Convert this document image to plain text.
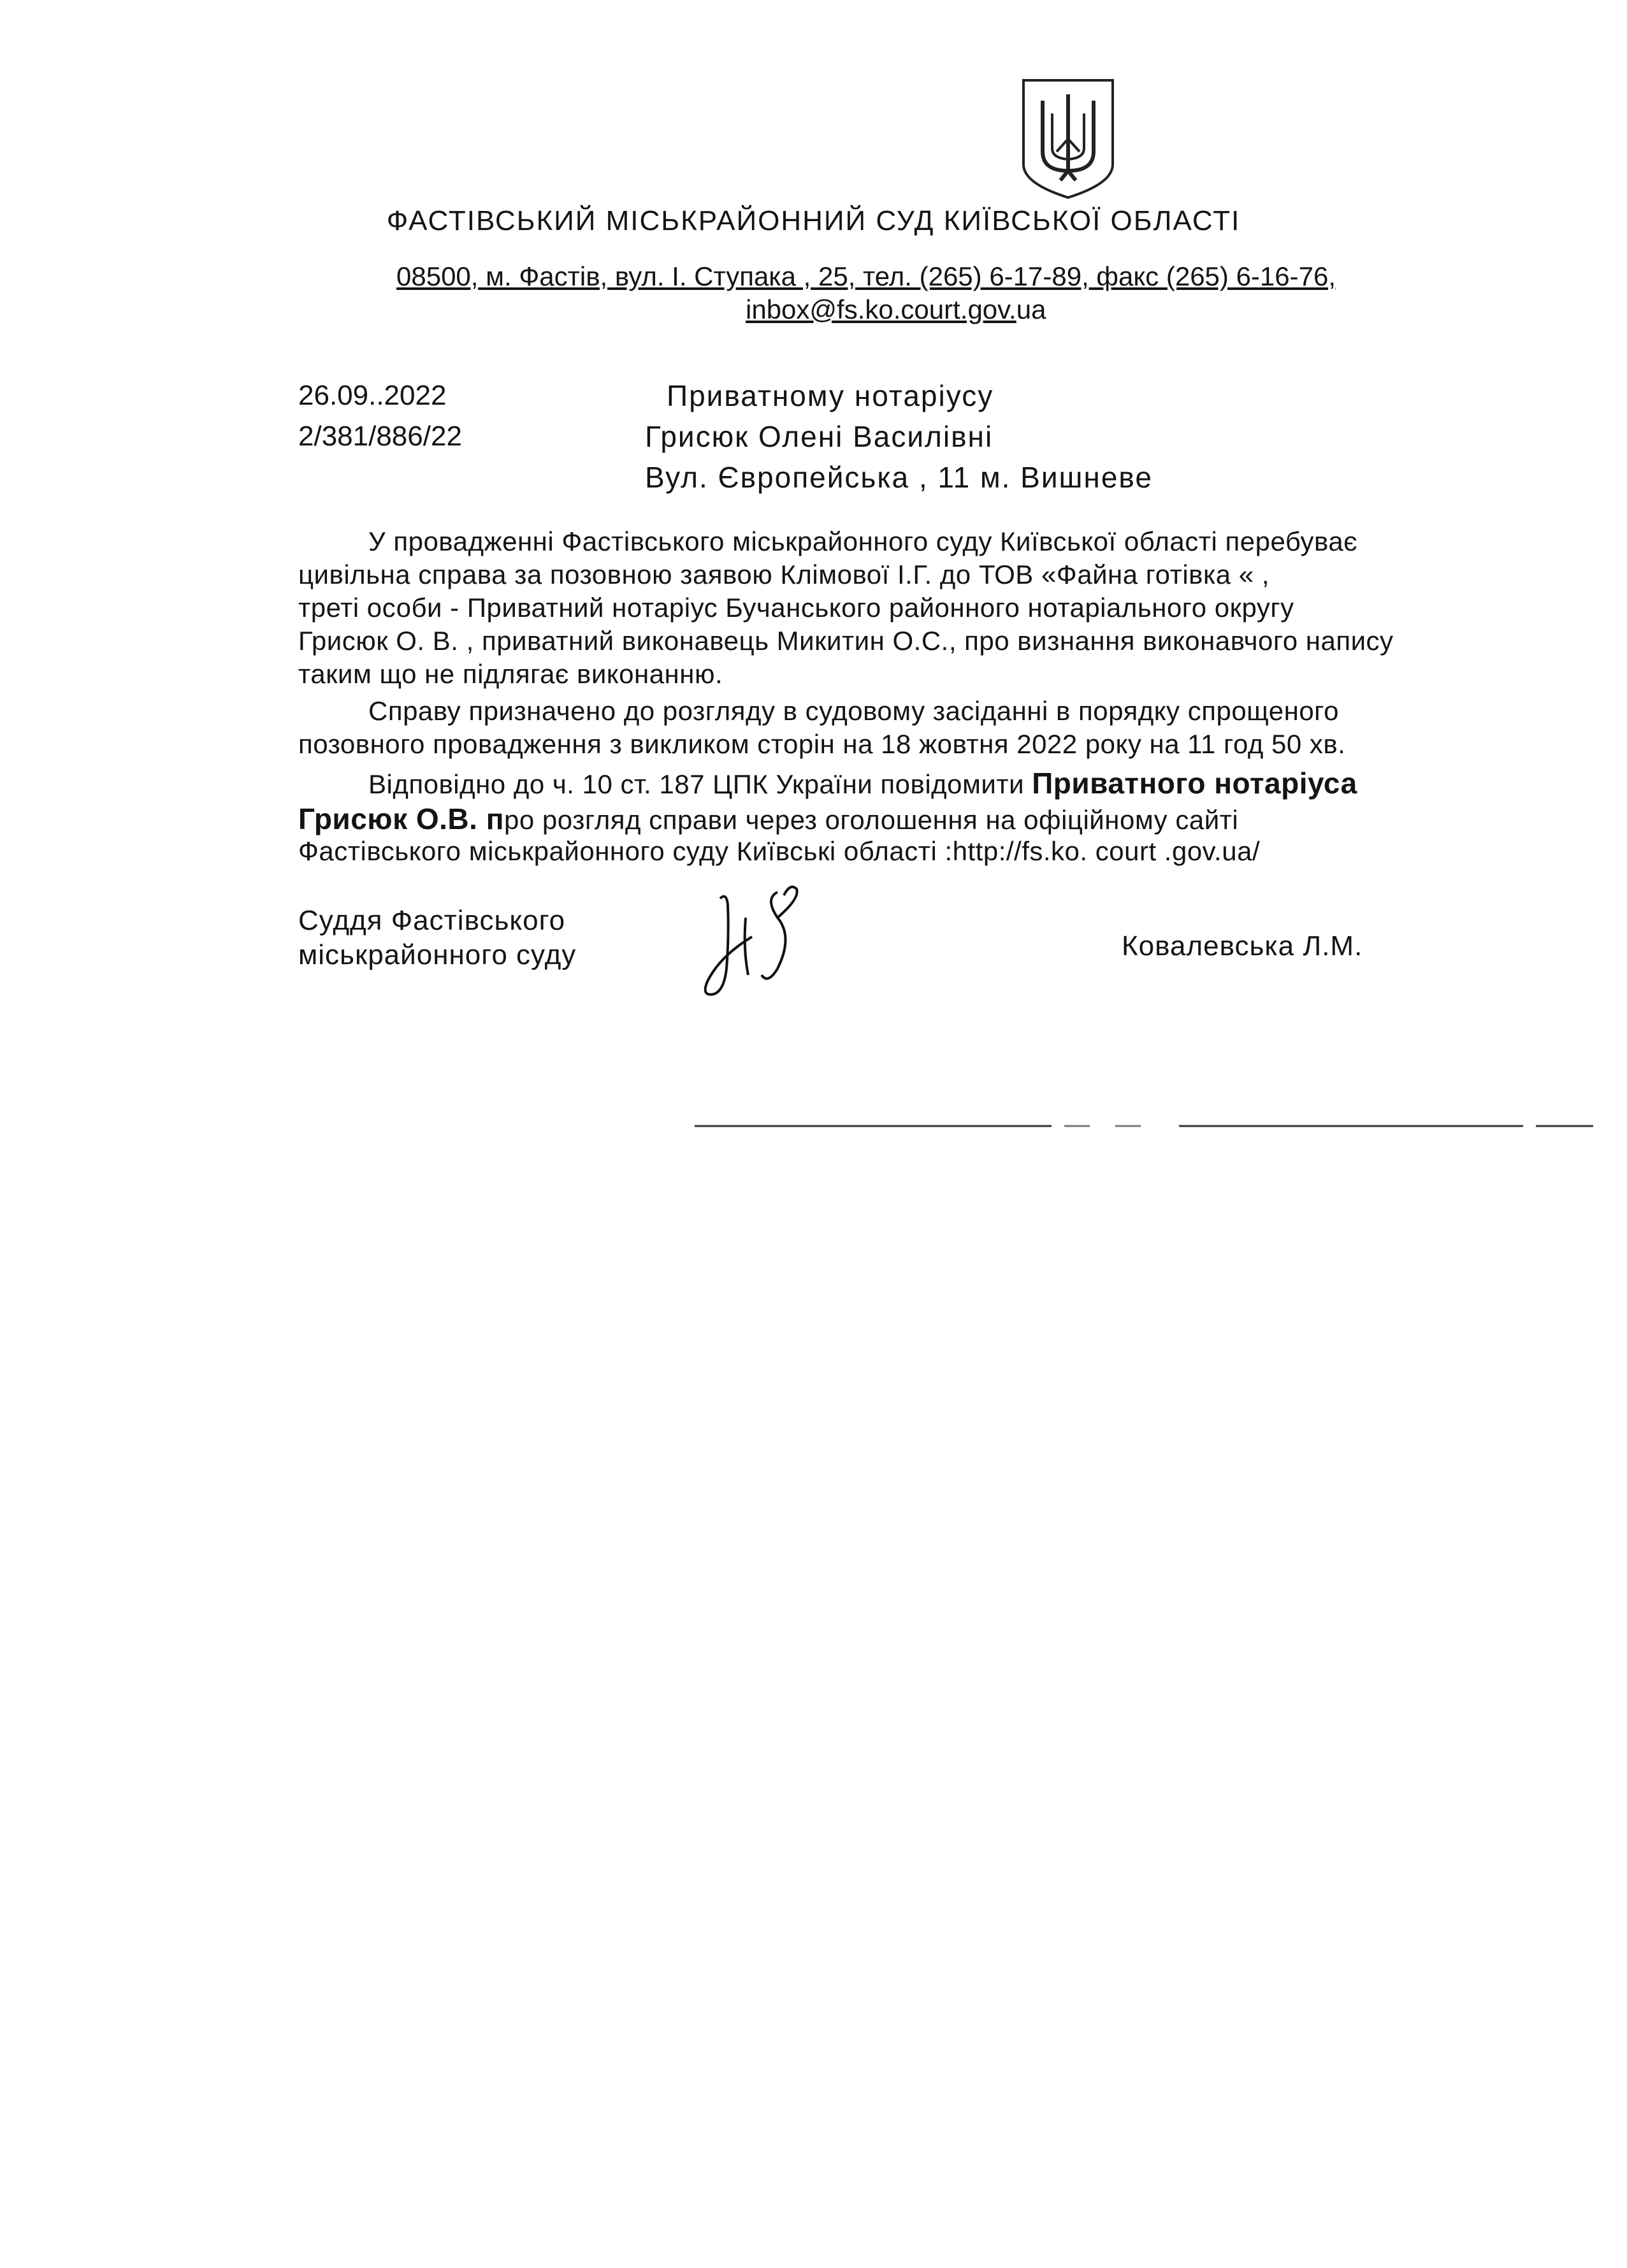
ФАСТІВСЬКИЙ МІСЬКРАЙОННИЙ СУД КИЇВСЬКОЇ ОБЛАСТІ
08500, м. Фастів, вул. І. Ступака , 25, тел. (265) 6-17-89, факс (265) 6-16-76,
inbox@fs.ko.court.gov.ua
26.09..2022
2/381/886/22
Приватному нотаріусу
Грисюк Олені Василівні
Вул. Європейська , 11 м. Вишневе
У провадженні Фастівського міськрайонного суду Київської області перебуває
цивільна справа за позовною заявою Клімової І.Г. до ТОВ «Файна готівка « ,
треті особи - Приватний нотаріус Бучанського районного нотаріального округу
Грисюк О. В. , приватний виконавець Микитин О.С., про визнання виконавчого напису
таким що не підлягає виконанню.
Справу призначено до розгляду в судовому засіданні в порядку спрощеного
позовного провадження з викликом сторін на 18 жовтня 2022 року на 11 год 50 хв.
Відповідно до ч. 10 ст. 187 ЦПК України повідомити Приватного нотаріуса
Грисюк О.В. про розгляд справи через оголошення на офіційному сайті
Фастівського міськрайонного суду Київські області :http://fs.ko. court .gov.ua/
Суддя Фастівського
міськрайонного суду	Ковалевська Л.М.
